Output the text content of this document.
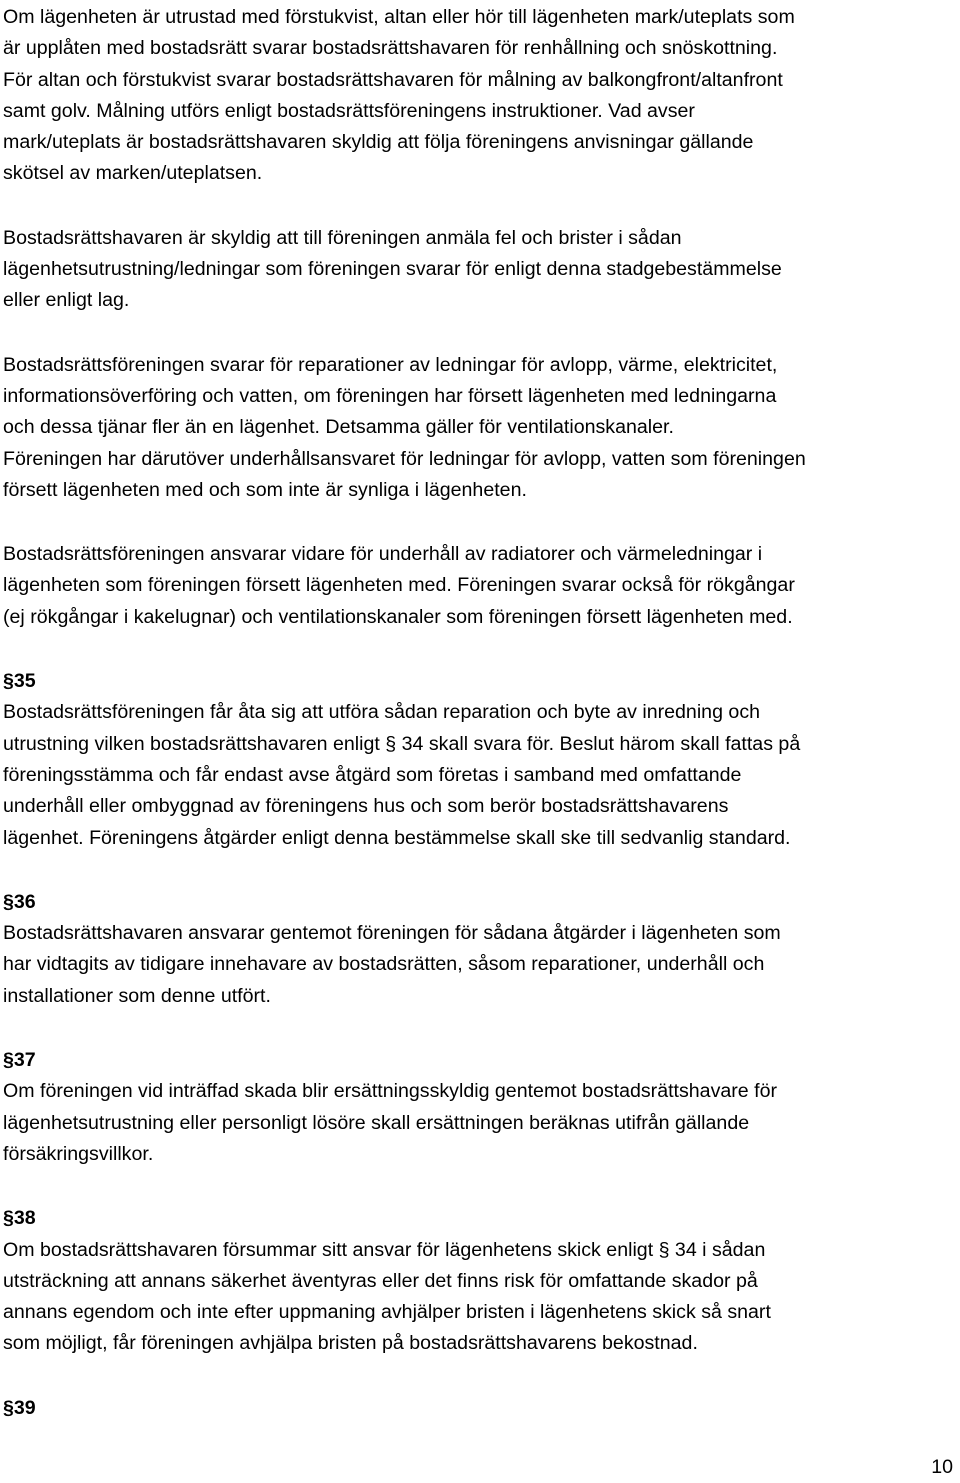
Om lägenheten är utrustad med förstukvist, altan eller hör till lägenheten mark/uteplats som
är upplåten med bostadsrätt svarar bostadsrättshavaren för renhållning och snöskottning.
För altan och förstukvist svarar bostadsrättshavaren för målning av balkongfront/altanfront
samt golv. Målning utförs enligt bostadsrättsföreningens instruktioner. Vad avser
mark/uteplats är bostadsrättshavaren skyldig att följa föreningens anvisningar gällande
skötsel av marken/uteplatsen.

Bostadsrättshavaren är skyldig att till föreningen anmäla fel och brister i sådan
lägenhetsutrustning/ledningar som föreningen svarar för enligt denna stadgebestämmelse
eller enligt lag.

Bostadsrättsföreningen svarar för reparationer av ledningar för avlopp, värme, elektricitet,
informationsöverföring och vatten, om föreningen har försett lägenheten med ledningarna
och dessa tjänar fler än en lägenhet. Detsamma gäller för ventilationskanaler.
Föreningen har därutöver underhållsansvaret för ledningar för avlopp, vatten som föreningen
försett lägenheten med och som inte är synliga i lägenheten.

Bostadsrättsföreningen ansvarar vidare för underhåll av radiatorer och värmeledningar i
lägenheten som föreningen försett lägenheten med. Föreningen svarar också för rökgångar
(ej rökgångar i kakelugnar) och ventilationskanaler som föreningen försett lägenheten med.

§35

Bostadsrättsföreningen får åta sig att utföra sådan reparation och byte av inredning och
utrustning vilken bostadsrättshavaren enligt § 34 skall svara för. Beslut härom skall fattas på
föreningsstämma och får endast avse åtgärd som företas i samband med omfattande
underhåll eller ombyggnad av föreningens hus och som berör bostadsrättshavarens
lägenhet. Föreningens åtgärder enligt denna bestämmelse skall ske till sedvanlig standard.

§36

Bostadsrättshavaren ansvarar gentemot föreningen för sådana åtgärder i lägenheten som
har vidtagits av tidigare innehavare av bostadsrätten, såsom reparationer, underhåll och
installationer som denne utfört.

§37

Om föreningen vid inträffad skada blir ersättningsskyldig gentemot bostadsrättshavare för
lägenhetsutrustning eller personligt lösöre skall ersättningen beräknas utifrån gällande
försäkringsvillkor.

§38

Om bostadsrättshavaren försummar sitt ansvar för lägenhetens skick enligt § 34 i sådan
utsträckning att annans säkerhet äventyras eller det finns risk för omfattande skador på
annans egendom och inte efter uppmaning avhjälper bristen i lägenhetens skick så snart
som möjligt, får föreningen avhjälpa bristen på bostadsrättshavarens bekostnad.

§39
10
